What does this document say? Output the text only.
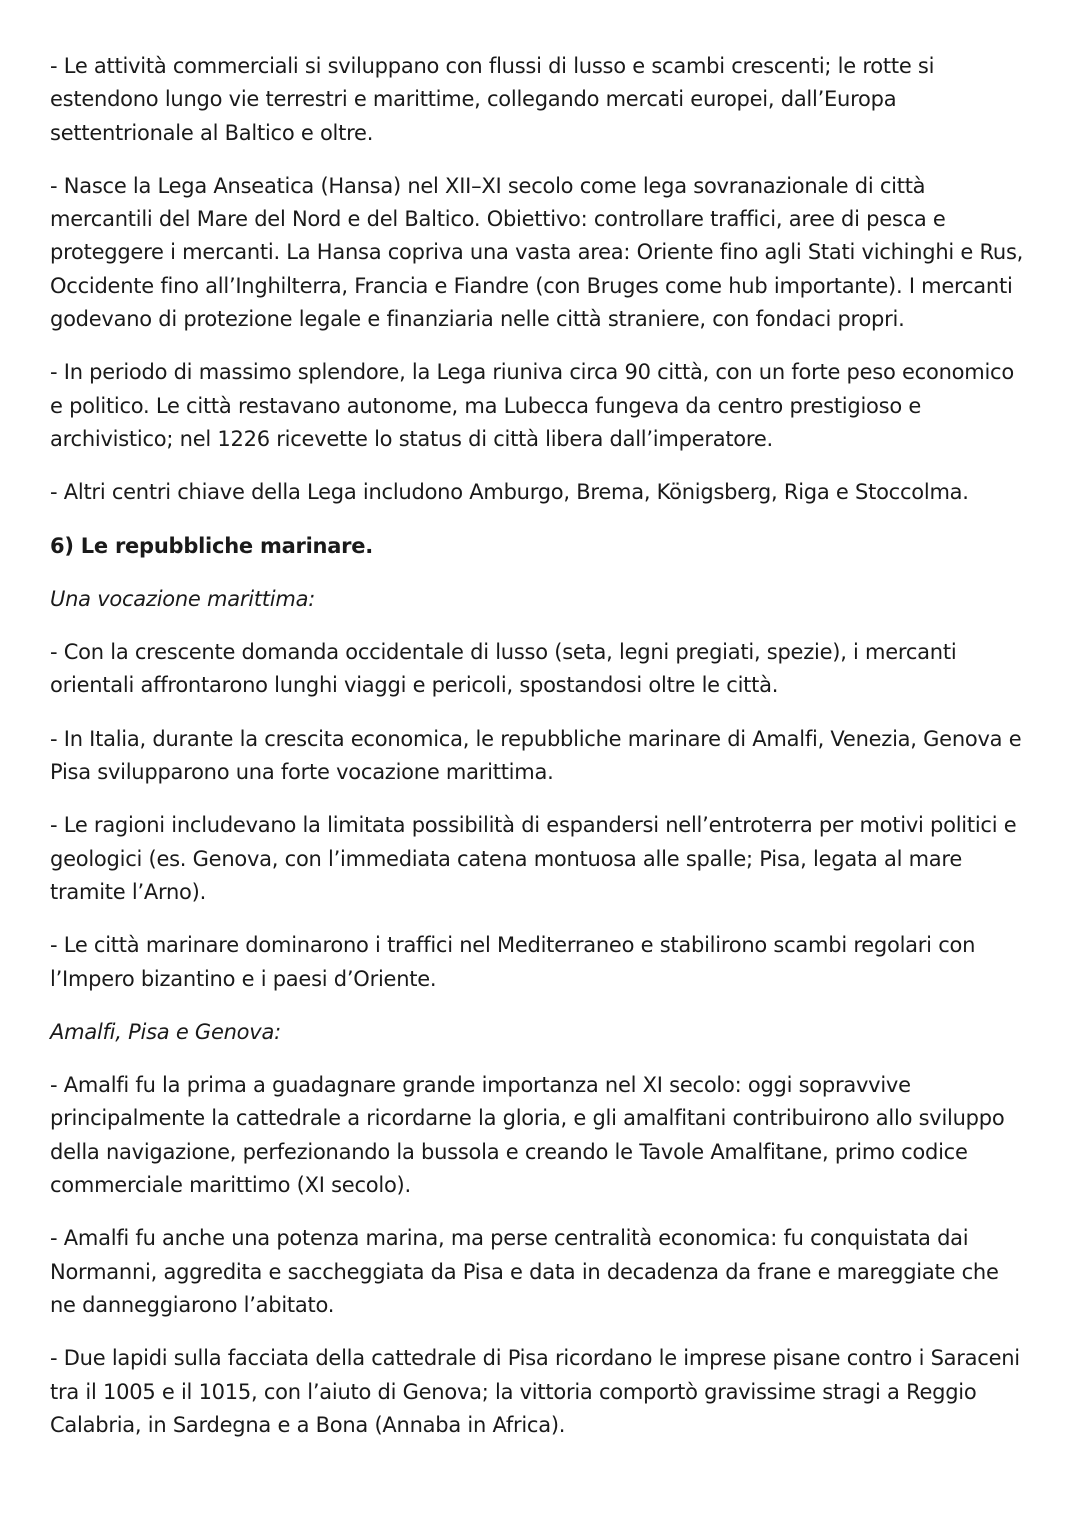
- Le attività commerciali si sviluppano con flussi di lusso e scambi crescenti; le rotte si estendono lungo vie terrestri e marittime, collegando mercati europei, dall’Europa settentrionale al Baltico e oltre.

- Nasce la Lega Anseatica (Hansa) nel XII–XI secolo come lega sovranazionale di città mercantili del Mare del Nord e del Baltico. Obiettivo: controllare traffici, aree di pesca e proteggere i mercanti. La Hansa copriva una vasta area: Oriente fino agli Stati vichinghi e Rus, Occidente fino all’Inghilterra, Francia e Fiandre (con Bruges come hub importante). I mercanti godevano di protezione legale e finanziaria nelle città straniere, con fondaci propri.

- In periodo di massimo splendore, la Lega riuniva circa 90 città, con un forte peso economico e politico. Le città restavano autonome, ma Lubecca fungeva da centro prestigioso e archivistico; nel 1226 ricevette lo status di città libera dall’imperatore.

- Altri centri chiave della Lega includono Amburgo, Brema, Königsberg, Riga e Stoccolma.

6) Le repubbliche marinare.

Una vocazione marittima:

- Con la crescente domanda occidentale di lusso (seta, legni pregiati, spezie), i mercanti orientali affrontarono lunghi viaggi e pericoli, spostandosi oltre le città.

- In Italia, durante la crescita economica, le repubbliche marinare di Amalfi, Venezia, Genova e Pisa svilupparono una forte vocazione marittima.

- Le ragioni includevano la limitata possibilità di espandersi nell’entroterra per motivi politici e geologici (es. Genova, con l’immediata catena montuosa alle spalle; Pisa, legata al mare tramite l’Arno).

- Le città marinare dominarono i traffici nel Mediterraneo e stabilirono scambi regolari con l’Impero bizantino e i paesi d’Oriente.

Amalfi, Pisa e Genova:

- Amalfi fu la prima a guadagnare grande importanza nel XI secolo: oggi sopravvive principalmente la cattedrale a ricordarne la gloria, e gli amalfitani contribuirono allo sviluppo della navigazione, perfezionando la bussola e creando le Tavole Amalfitane, primo codice commerciale marittimo (XI secolo).

- Amalfi fu anche una potenza marina, ma perse centralità economica: fu conquistata dai Normanni, aggredita e saccheggiata da Pisa e data in decadenza da frane e mareggiate che ne danneggiarono l’abitato.

- Due lapidi sulla facciata della cattedrale di Pisa ricordano le imprese pisane contro i Saraceni tra il 1005 e il 1015, con l’aiuto di Genova; la vittoria comportò gravissime stragi a Reggio Calabria, in Sardegna e a Bona (Annaba in Africa).
